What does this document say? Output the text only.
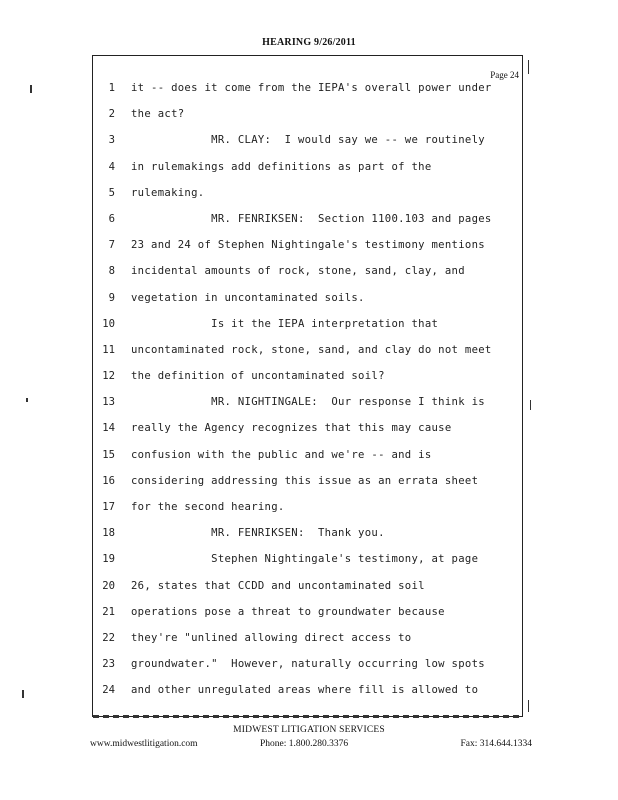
HEARING 9/26/2011
Page 24
1 it -- does it come from the IEPA's overall power under
2 the act?
3 MR. CLAY:  I would say we -- we routinely
4 in rulemakings add definitions as part of the
5 rulemaking.
6 MR. FENRIKSEN:  Section 1100.103 and pages
7 23 and 24 of Stephen Nightingale's testimony mentions
8 incidental amounts of rock, stone, sand, clay, and
9 vegetation in uncontaminated soils.
10 Is it the IEPA interpretation that
11 uncontaminated rock, stone, sand, and clay do not meet
12 the definition of uncontaminated soil?
13 MR. NIGHTINGALE:  Our response I think is
14 really the Agency recognizes that this may cause
15 confusion with the public and we're -- and is
16 considering addressing this issue as an errata sheet
17 for the second hearing.
18 MR. FENRIKSEN:  Thank you.
19 Stephen Nightingale's testimony, at page
20 26, states that CCDD and uncontaminated soil
21 operations pose a threat to groundwater because
22 they're "unlined allowing direct access to
23 groundwater."  However, naturally occurring low spots
24 and other unregulated areas where fill is allowed to
MIDWEST LITIGATION SERVICES
www.midwestlitigation.com	Phone: 1.800.280.3376	Fax: 314.644.1334
